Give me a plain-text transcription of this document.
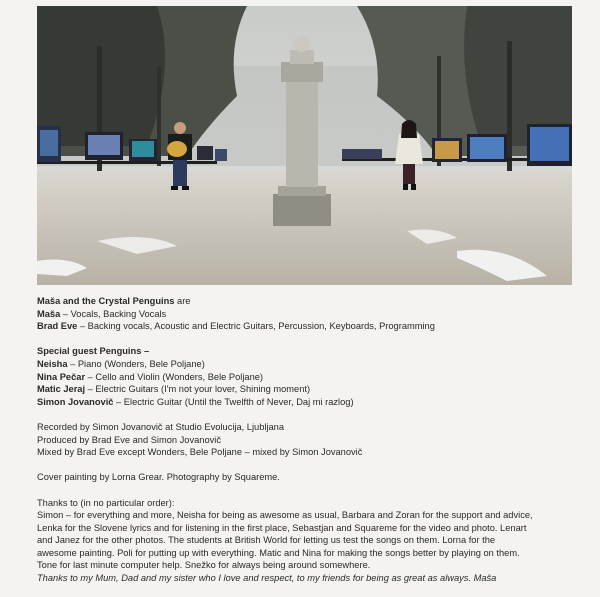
Maša and the Crystal Penguins are
Maša – Vocals, Backing Vocals
Brad Eve – Backing vocals, Acoustic and Electric Guitars, Percussion, Keyboards, Programming
Special guest Penguins –
Neisha – Piano (Wonders, Bele Poljane)
Nina Pečar – Cello and Violin (Wonders, Bele Poljane)
Matic Jeraj – Electric Guitars (I'm not your lover, Shining moment)
Simon Jovanovič – Electric Guitar (Until the Twelfth of Never, Daj mi razlog)
Recorded by Simon Jovanovič at Studio Evolucija, Ljubljana
Produced by Brad Eve and Simon Jovanovič
Mixed by Brad Eve except Wonders, Bele Poljane – mixed by Simon Jovanovič
Cover painting by Lorna Grear. Photography by Squareme.
Thanks to (in no particular order):
Simon – for everything and more, Neisha for being as awesome as usual, Barbara and Zoran for the support and advice,
Lenka for the Slovene lyrics and for listening in the first place, Sebastjan and Squareme for the video and photo. Lenart
and Janez for the other photos. The students at British World for letting us test the songs on them. Lorna for the
awesome painting. Poli for putting up with everything. Matic and Nina for making the songs better by playing on them.
Tone for last minute computer help. Snežko for always being around somewhere.
Thanks to my Mum, Dad and my sister who I love and respect, to my friends for being as great as always. Maša
